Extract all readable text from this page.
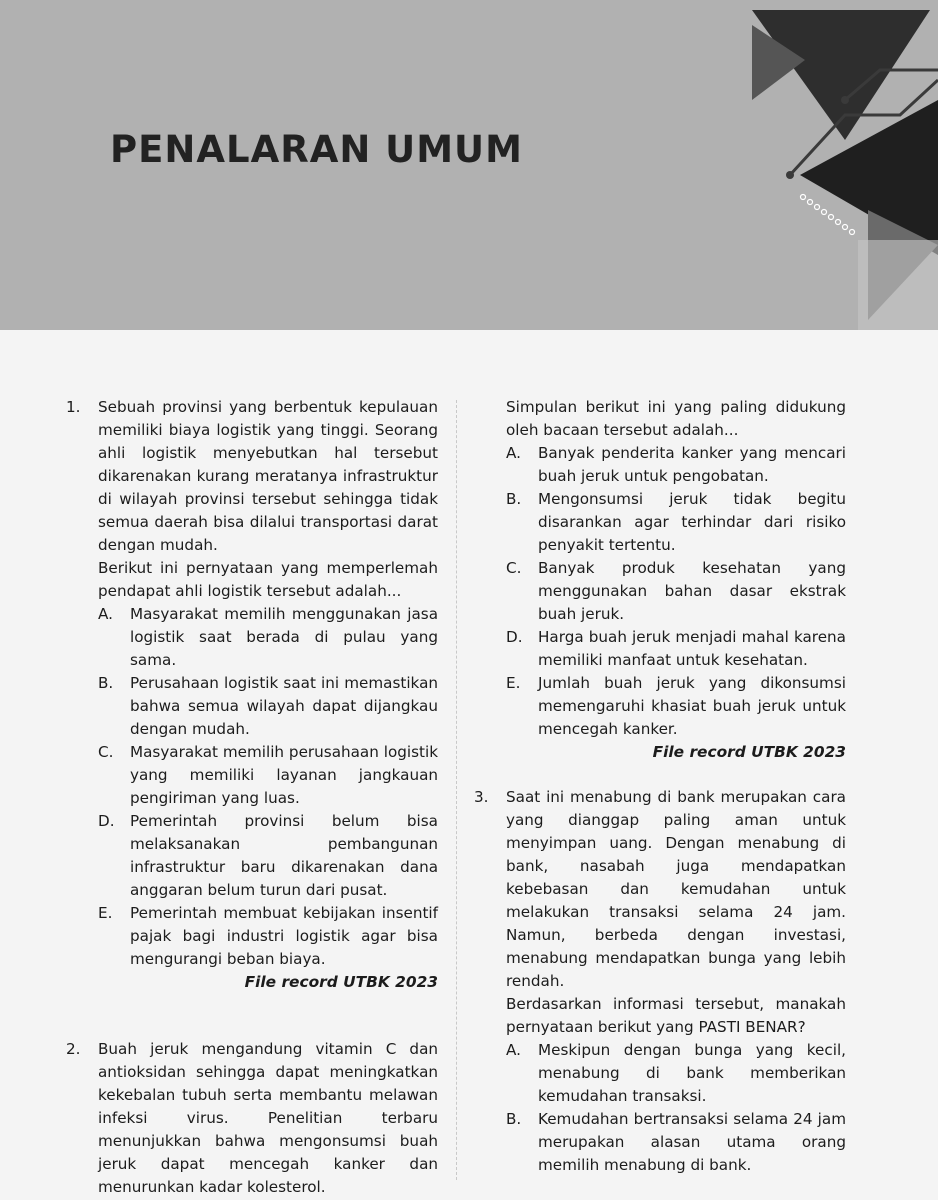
PENALARAN UMUM
1. Sebuah provinsi yang berbentuk kepulauan memiliki biaya logistik yang tinggi. Seorang ahli logistik menyebutkan hal tersebut dikarenakan kurang meratanya infrastruktur di wilayah provinsi tersebut sehingga tidak semua daerah bisa dilalui transportasi darat dengan mudah.

Berikut ini pernyataan yang memperlemah pendapat ahli logistik tersebut adalah...

A. Masyarakat memilih menggunakan jasa logistik saat berada di pulau yang sama.

B. Perusahaan logistik saat ini memastikan bahwa semua wilayah dapat dijangkau dengan mudah.

C. Masyarakat memilih perusahaan logistik yang memiliki layanan jangkauan pengiriman yang luas.

D. Pemerintah provinsi belum bisa melaksanakan pembangunan infrastruktur baru dikarenakan dana anggaran belum turun dari pusat.

E. Pemerintah membuat kebijakan insentif pajak bagi industri logistik agar bisa mengurangi beban biaya.

File record UTBK 2023

2. Buah jeruk mengandung vitamin C dan antioksidan sehingga dapat meningkatkan kekebalan tubuh serta membantu melawan infeksi virus. Penelitian terbaru menunjukkan bahwa mengonsumsi buah jeruk dapat mencegah kanker dan menurunkan kadar kolesterol.

Simpulan berikut ini yang paling didukung oleh bacaan tersebut adalah...

A. Banyak penderita kanker yang mencari buah jeruk untuk pengobatan.

B. Mengonsumsi jeruk tidak begitu disarankan agar terhindar dari risiko penyakit tertentu.

C. Banyak produk kesehatan yang menggunakan bahan dasar ekstrak buah jeruk.

D. Harga buah jeruk menjadi mahal karena memiliki manfaat untuk kesehatan.

E. Jumlah buah jeruk yang dikonsumsi memengaruhi khasiat buah jeruk untuk mencegah kanker.

File record UTBK 2023

3. Saat ini menabung di bank merupakan cara yang dianggap paling aman untuk menyimpan uang. Dengan menabung di bank, nasabah juga mendapatkan kebebasan dan kemudahan untuk melakukan transaksi selama 24 jam. Namun, berbeda dengan investasi, menabung mendapatkan bunga yang lebih rendah.

Berdasarkan informasi tersebut, manakah pernyataan berikut yang PASTI BENAR?

A. Meskipun dengan bunga yang kecil, menabung di bank memberikan kemudahan transaksi.

B. Kemudahan bertransaksi selama 24 jam merupakan alasan utama orang memilih menabung di bank.
